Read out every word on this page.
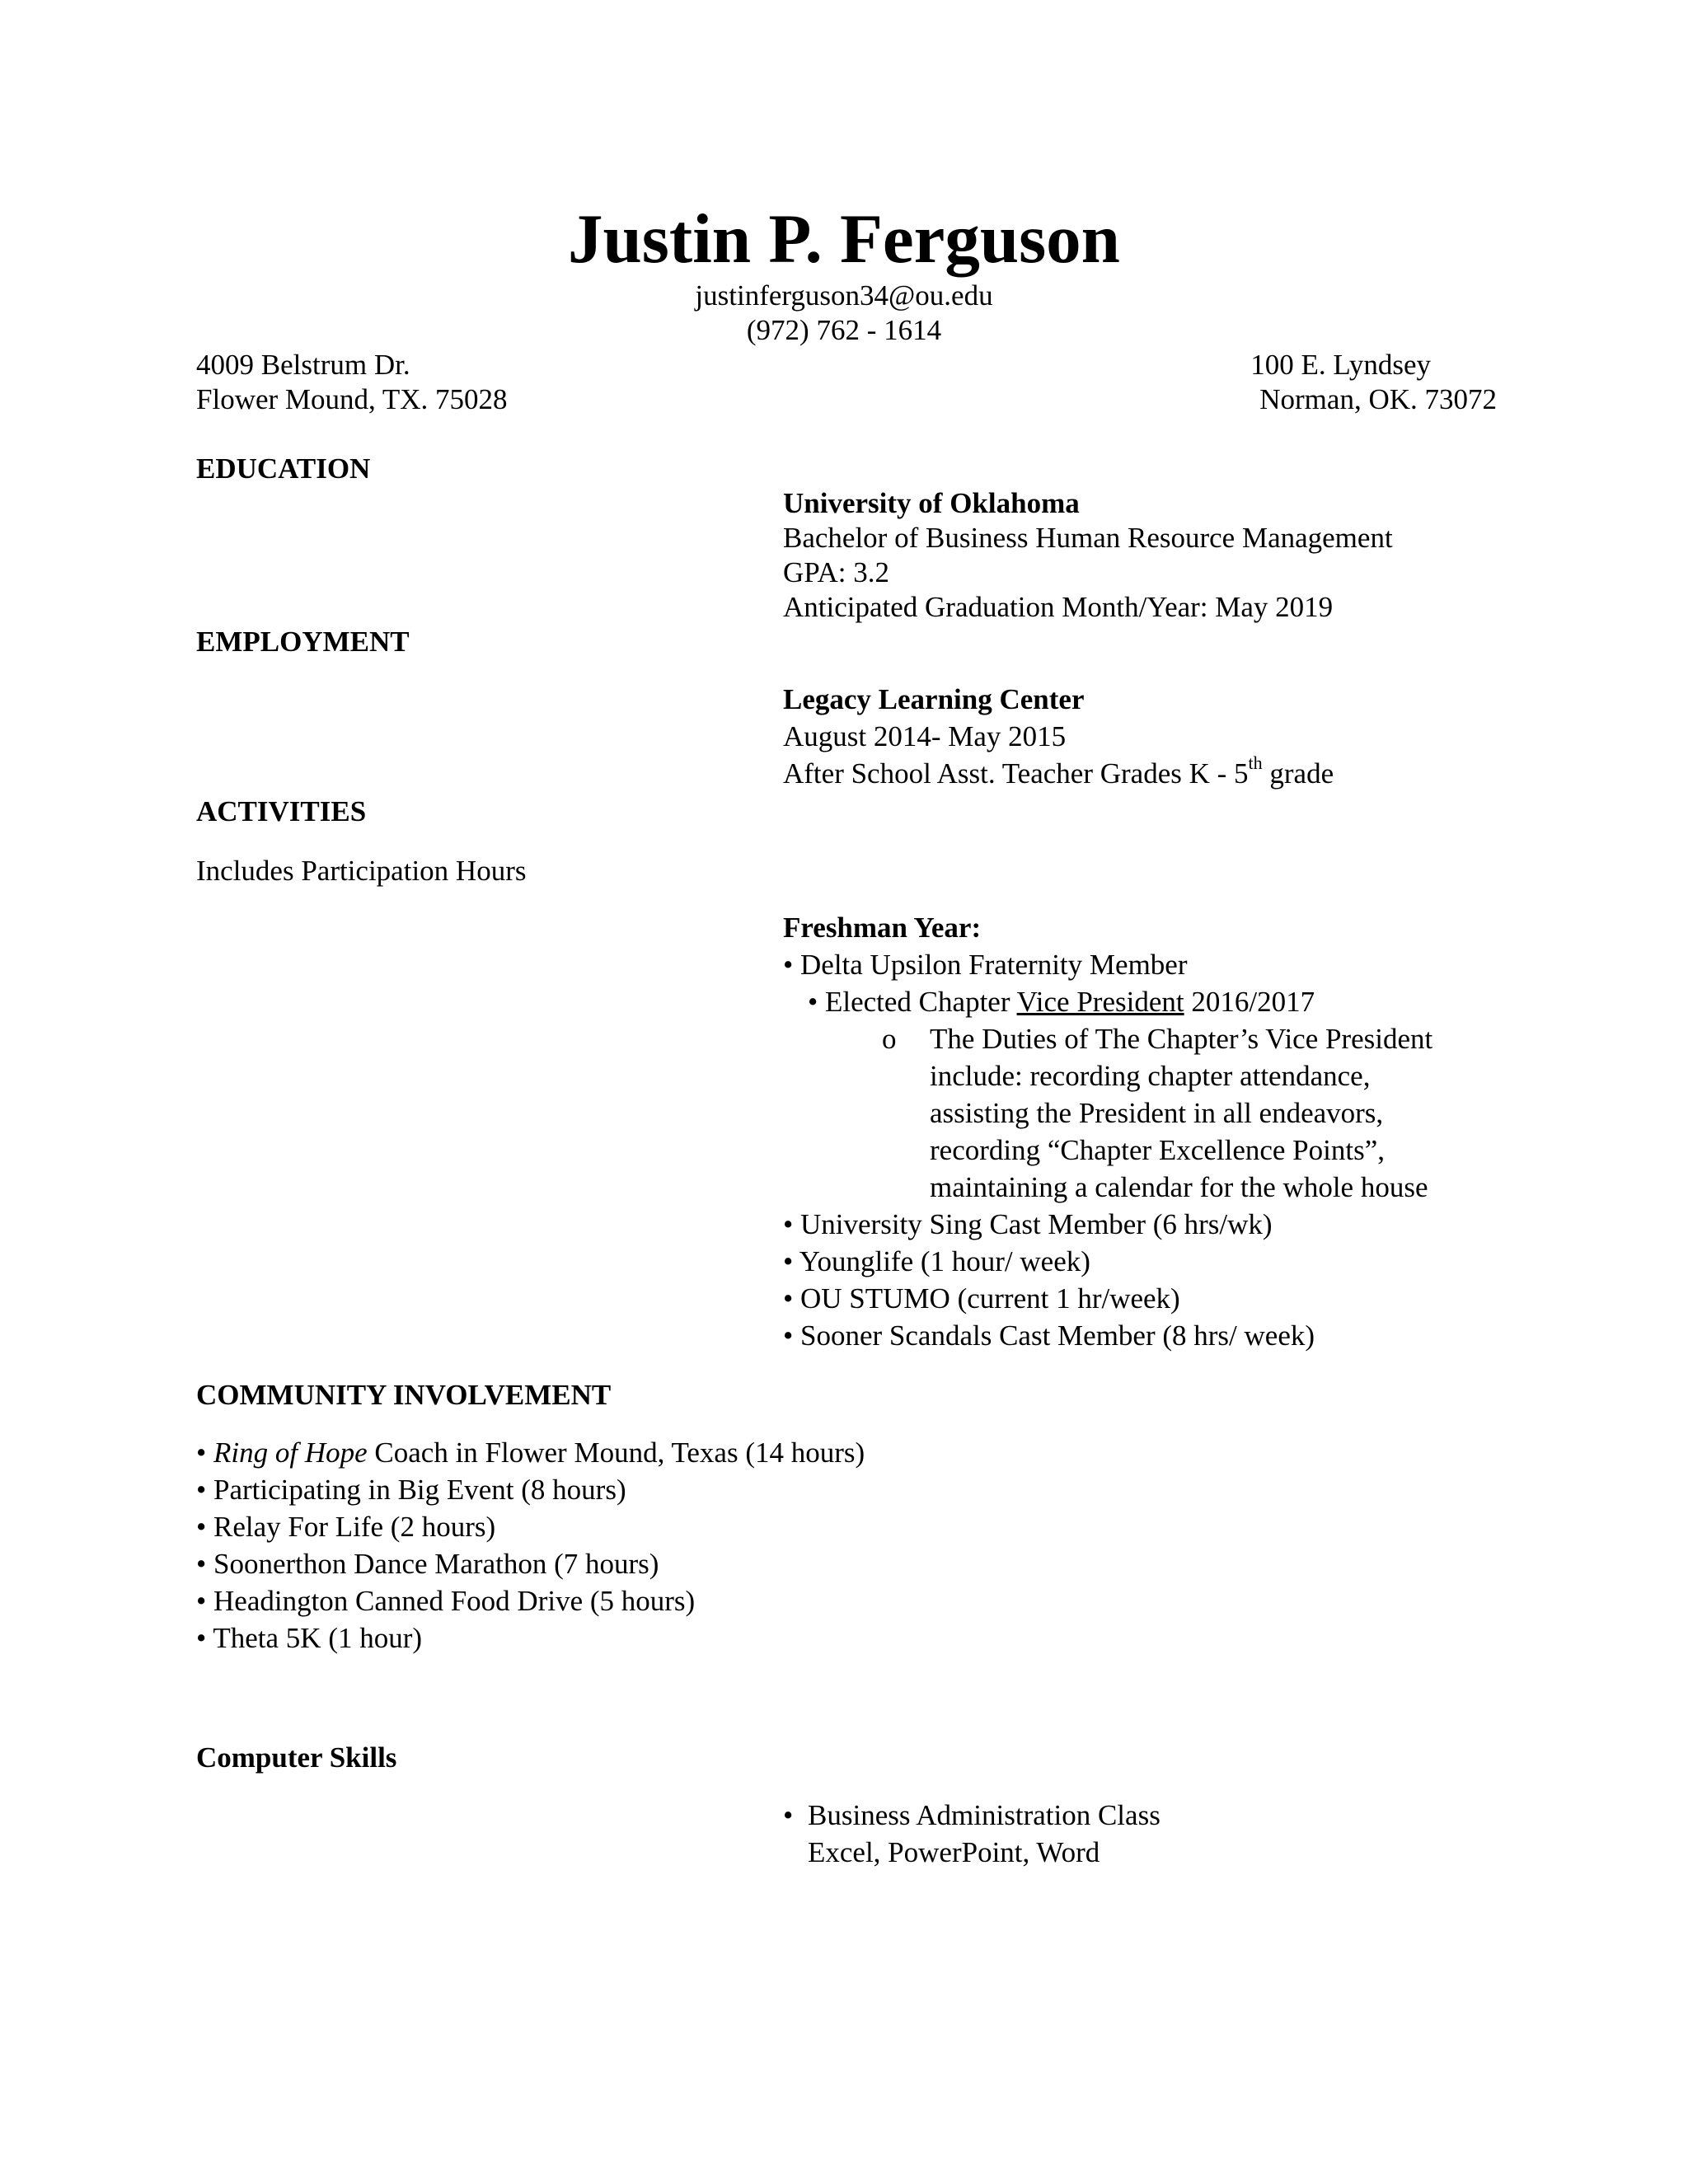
Justin P. Ferguson
justinferguson34@ou.edu
(972) 762 - 1614
4009 Belstrum Dr.
Flower Mound, TX. 75028
100 E. Lyndsey
Norman, OK. 73072
EDUCATION
University of Oklahoma
Bachelor of Business Human Resource Management
GPA: 3.2
Anticipated Graduation Month/Year: May 2019
EMPLOYMENT
Legacy Learning Center
August 2014- May 2015
After School Asst. Teacher Grades K - 5th grade
ACTIVITIES
Includes Participation Hours
Freshman Year:
• Delta Upsilon Fraternity Member
• Elected Chapter Vice President 2016/2017
o The Duties of The Chapter’s Vice President
include: recording chapter attendance,
assisting the President in all endeavors,
recording “Chapter Excellence Points”,
maintaining a calendar for the whole house
• University Sing Cast Member (6 hrs/wk)
• Younglife (1 hour/ week)
• OU STUMO (current 1 hr/week)
• Sooner Scandals Cast Member (8 hrs/ week)
COMMUNITY INVOLVEMENT
• Ring of Hope Coach in Flower Mound, Texas (14 hours)
• Participating in Big Event (8 hours)
• Relay For Life (2 hours)
• Soonerthon Dance Marathon (7 hours)
• Headington Canned Food Drive (5 hours)
• Theta 5K (1 hour)
Computer Skills
• Business Administration Class
Excel, PowerPoint, Word
